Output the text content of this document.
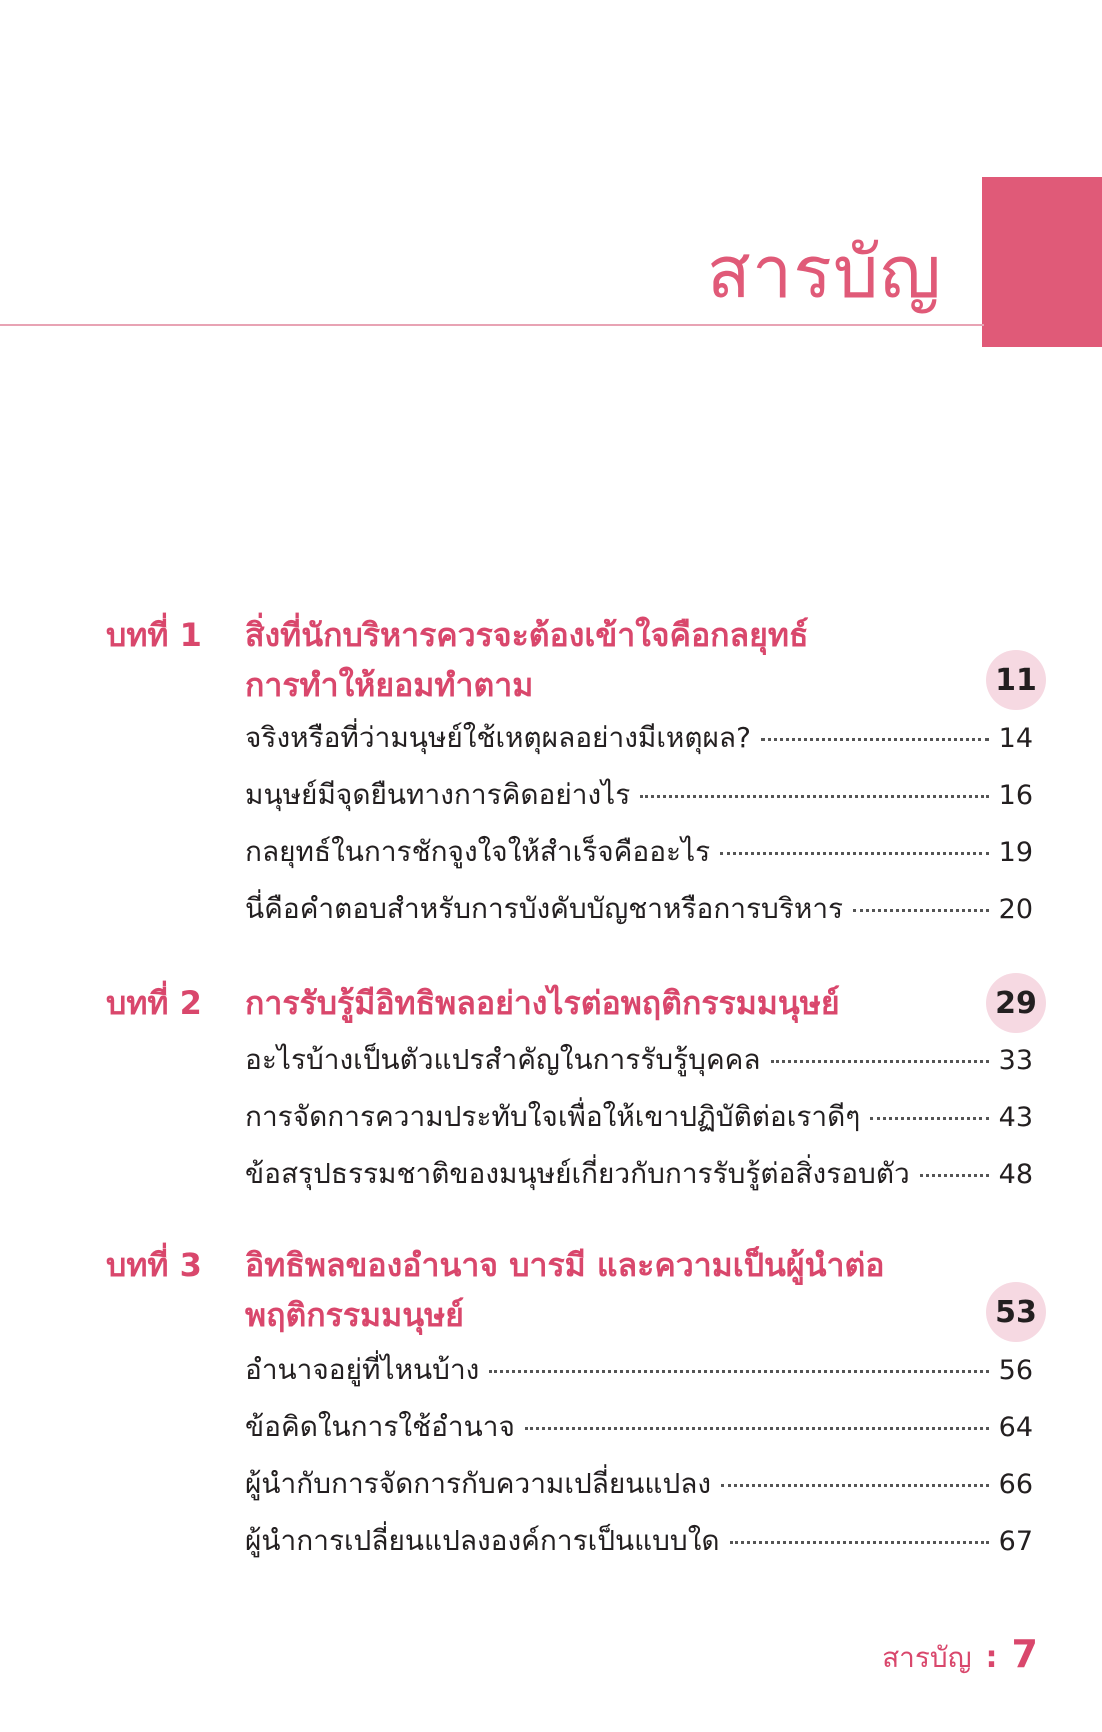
สารบัญ
บทที่ 1 สิ่งที่นักบริหารควรจะต้องเข้าใจคือกลยุทธ์
การทำให้ยอมทำตาม	11
จริงหรือที่ว่ามนุษย์ใช้เหตุผลอย่างมีเหตุผล?	14
มนุษย์มีจุดยืนทางการคิดอย่างไร	16
กลยุทธ์ในการชักจูงใจให้สำเร็จคืออะไร	19
นี่คือคำตอบสำหรับการบังคับบัญชาหรือการบริหาร	20
บทที่ 2 การรับรู้มีอิทธิพลอย่างไรต่อพฤติกรรมมนุษย์	29
อะไรบ้างเป็นตัวแปรสำคัญในการรับรู้บุคคล	33
การจัดการความประทับใจเพื่อให้เขาปฏิบัติต่อเราดีๆ	43
ข้อสรุปธรรมชาติของมนุษย์เกี่ยวกับการรับรู้ต่อสิ่งรอบตัว	48
บทที่ 3 อิทธิพลของอำนาจ บารมี และความเป็นผู้นำต่อ
พฤติกรรมมนุษย์	53
อำนาจอยู่ที่ไหนบ้าง	56
ข้อคิดในการใช้อำนาจ	64
ผู้นำกับการจัดการกับความเปลี่ยนแปลง	66
ผู้นำการเปลี่ยนแปลงองค์การเป็นแบบใด	67
สารบัญ : 7
